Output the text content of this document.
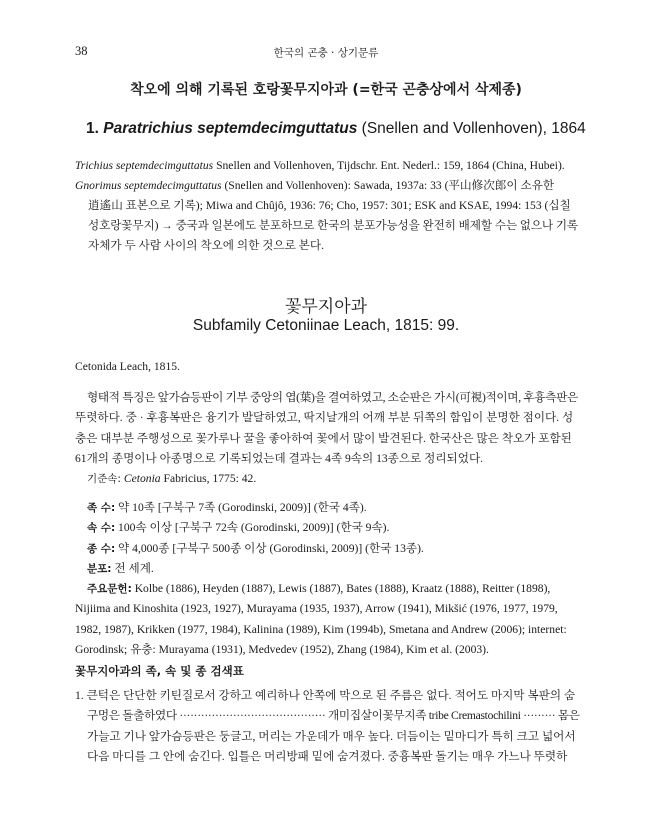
38	한국의 곤충 · 상기문류
착오에 의해 기록된 호랑꽃무지아과 (=한국 곤충상에서 삭제종)
1. Paratrichius septemdecimguttatus (Snellen and Vollenhoven), 1864
Trichius septemdecimguttatus Snellen and Vollenhoven, Tijdschr. Ent. Nederl.: 159, 1864 (China, Hubei).
Gnorimus septemdecimguttatus (Snellen and Vollenhoven): Sawada, 1937a: 33 (平山修次郎이 소유한
逍遙山 표본으로 기록); Miwa and Chûjô, 1936: 76; Cho, 1957: 301; ESK and KSAE, 1994: 153 (십칠
성호랑꽃무지) → 중국과 일본에도 분포하므로 한국의 분포가능성을 완전히 배제할 수는 없으나 기록
자체가 두 사람 사이의 착오에 의한 것으로 본다.
꽃무지아과
Subfamily Cetoniinae Leach, 1815: 99.
Cetonida Leach, 1815.
형태적 특징은 앞가슴등판이 기부 중앙의 엽(葉)을 결여하였고, 소순판은 가시(可視)적이며, 후흉측판은
뚜렷하다. 중 · 후흉복판은 융기가 발달하였고, 딱지날개의 어깨 부분 뒤쪽의 함입이 분명한 점이다. 성
충은 대부분 주행성으로 꽃가루나 꿀을 좋아하여 꽃에서 많이 발견된다. 한국산은 많은 착오가 포함된
61개의 종명이나 아종명으로 기록되었는데 결과는 4족 9속의 13종으로 정리되었다.
기준속: Cetonia Fabricius, 1775: 42.
족 수: 약 10족 [구북구 7족 (Gorodinski, 2009)] (한국 4족).
속 수: 100속 이상 [구북구 72속 (Gorodinski, 2009)] (한국 9속).
종 수: 약 4,000종 [구북구 500종 이상 (Gorodinski, 2009)] (한국 13종).
분포: 전 세계.
주요문헌: Kolbe (1886), Heyden (1887), Lewis (1887), Bates (1888), Kraatz (1888), Reitter (1898),
Nijiima and Kinoshita (1923, 1927), Murayama (1935, 1937), Arrow (1941), Mikšić (1976, 1977, 1979,
1982, 1987), Krikken (1977, 1984), Kalinina (1989), Kim (1994b), Smetana and Andrew (2006); internet:
Gorodinsk; 유충: Murayama (1931), Medvedev (1952), Zhang (1984), Kim et al. (2003).
꽃무지아과의 족, 속 및 종 검색표
1. 큰턱은 단단한 키틴질로서 강하고 예리하나 안쪽에 막으로 된 주름은 없다. 적어도 마지막 복판의 숨
구멍은 돌출하였다 ········································· 개미집살이꽃무지족 tribe Cremastochilini ········· 몸은
가늘고 기나 앞가슴등판은 둥글고, 머리는 가운데가 매우 높다. 더듬이는 밑마디가 특히 크고 넓어서
다음 마디를 그 안에 숨긴다. 입틀은 머리방패 밑에 숨겨졌다. 중흉복판 돌기는 매우 가느나 뚜렷하
